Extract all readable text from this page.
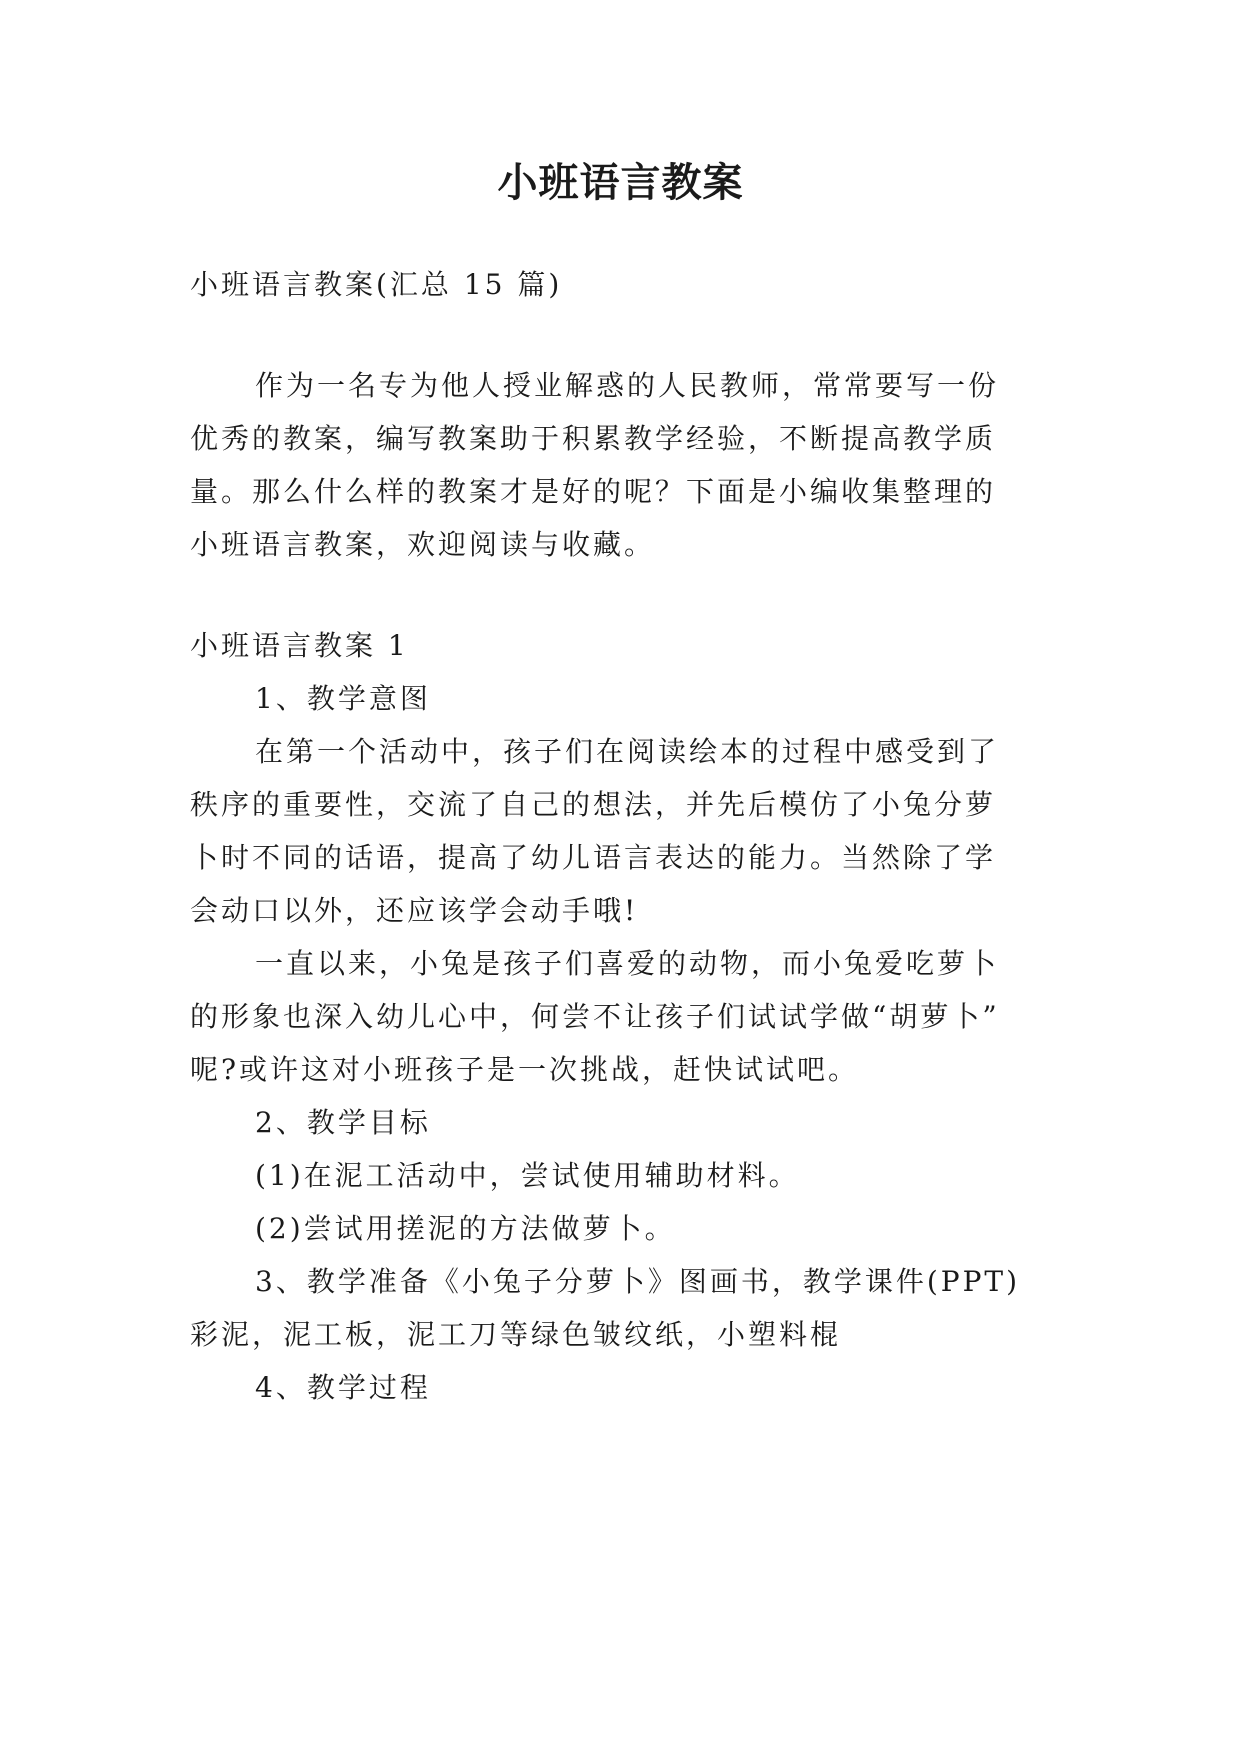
小班语言教案
小班语言教案(汇总 15 篇)
作为一名专为他人授业解惑的人民教师，常常要写一份
优秀的教案，编写教案助于积累教学经验，不断提高教学质
量。那么什么样的教案才是好的呢？下面是小编收集整理的
小班语言教案，欢迎阅读与收藏。
小班语言教案 1
1、教学意图
在第一个活动中，孩子们在阅读绘本的过程中感受到了
秩序的重要性，交流了自己的想法，并先后模仿了小兔分萝
卜时不同的话语，提高了幼儿语言表达的能力。当然除了学
会动口以外，还应该学会动手哦!
一直以来，小兔是孩子们喜爱的动物，而小兔爱吃萝卜
的形象也深入幼儿心中，何尝不让孩子们试试学做“胡萝卜”
呢?或许这对小班孩子是一次挑战，赶快试试吧。
2、教学目标
(1)在泥工活动中，尝试使用辅助材料。
(2)尝试用搓泥的方法做萝卜。
3、教学准备《小兔子分萝卜》图画书，教学课件(PPT)
彩泥，泥工板，泥工刀等绿色皱纹纸，小塑料棍
4、教学过程
